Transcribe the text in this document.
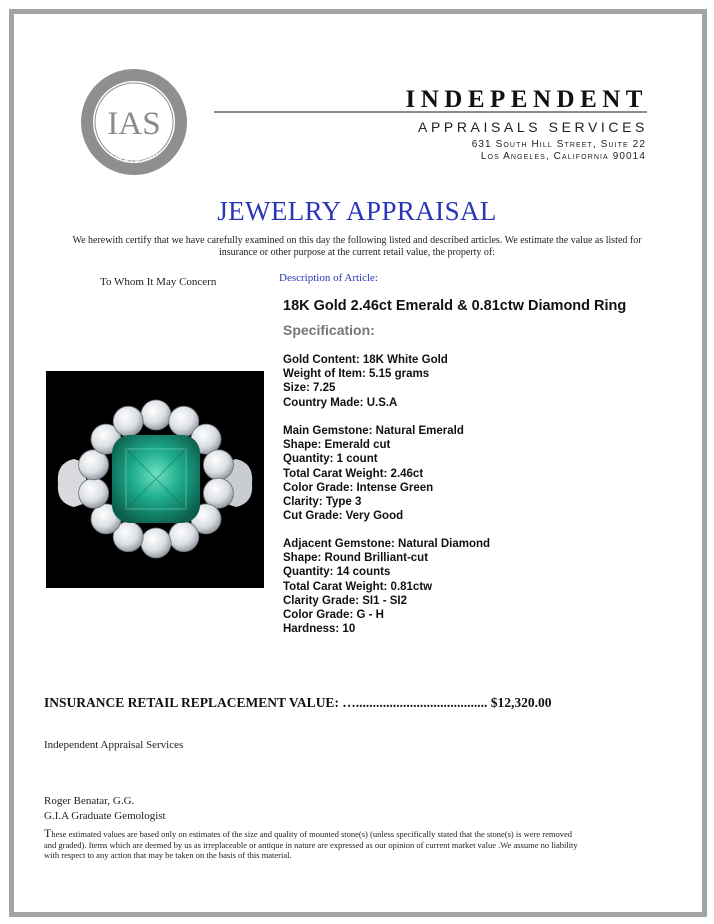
IAS
Appraisal
INDEPENDENT
APPRAISALS SERVICES
631 South Hill Street, Suite 22
Los Angeles, California 90014
JEWELRY APPRAISAL
We herewith certify that we have carefully examined on this day the following listed and described articles. We estimate the value as listed for insurance or other purpose at the current retail value, the property of:
To Whom It May Concern	Description of Article:
18K Gold 2.46ct Emerald & 0.81ctw Diamond Ring
Specification:
Gold Content: 18K White Gold
Weight of Item: 5.15 grams
Size: 7.25
Country Made: U.S.A
Main Gemstone: Natural Emerald
Shape: Emerald cut
Quantity: 1 count
Total Carat Weight: 2.46ct
Color Grade: Intense Green
Clarity: Type 3
Cut Grade: Very Good
Adjacent Gemstone: Natural Diamond
Shape: Round Brilliant-cut
Quantity: 14 counts
Total Carat Weight: 0.81ctw
Clarity Grade: SI1 - SI2
Color Grade: G - H
Hardness: 10
INSURANCE RETAIL REPLACEMENT VALUE: …....................................... $12,320.00
Independent Appraisal Services
Roger Benatar, G.G.
G.I.A Graduate Gemologist
These estimated values are based only on estimates of the size and quality of mounted stone(s) (unless specifically stated that the stone(s) is were removed and graded). Items which are deemed by us as irreplaceable or antique in nature are expressed as our opinion of current market value .We assume no liability with respect to any action that may be taken on the basis of this material.
